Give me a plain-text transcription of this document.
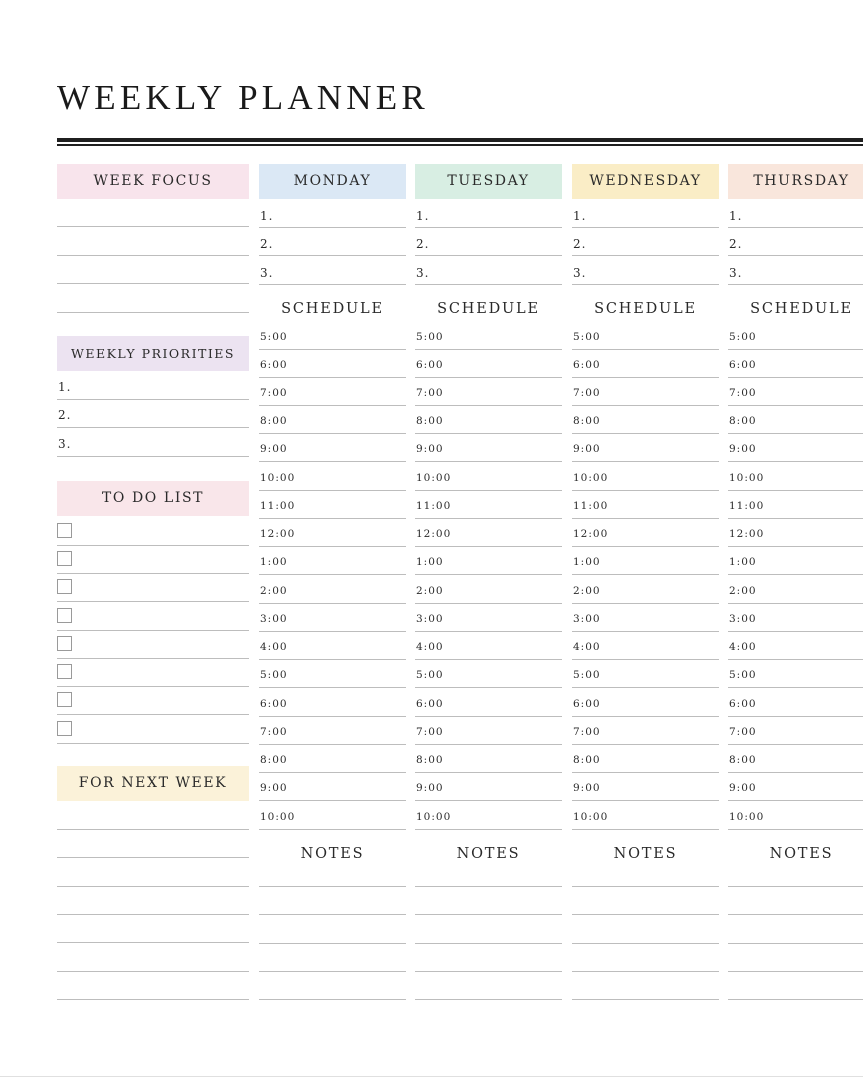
WEEKLY PLANNER
WEEK FOCUS
WEEKLY PRIORITIES
1.
2.
3.
TO DO LIST
FOR NEXT WEEK
MONDAY
1.
2.
3.
SCHEDULE
5:00
6:00
7:00
8:00
9:00
10:00
11:00
12:00
1:00
2:00
3:00
4:00
5:00
6:00
7:00
8:00
9:00
10:00
NOTES
TUESDAY
1.
2.
3.
SCHEDULE
5:00
6:00
7:00
8:00
9:00
10:00
11:00
12:00
1:00
2:00
3:00
4:00
5:00
6:00
7:00
8:00
9:00
10:00
NOTES
WEDNESDAY
1.
2.
3.
SCHEDULE
5:00
6:00
7:00
8:00
9:00
10:00
11:00
12:00
1:00
2:00
3:00
4:00
5:00
6:00
7:00
8:00
9:00
10:00
NOTES
THURSDAY
1.
2.
3.
SCHEDULE
5:00
6:00
7:00
8:00
9:00
10:00
11:00
12:00
1:00
2:00
3:00
4:00
5:00
6:00
7:00
8:00
9:00
10:00
NOTES
